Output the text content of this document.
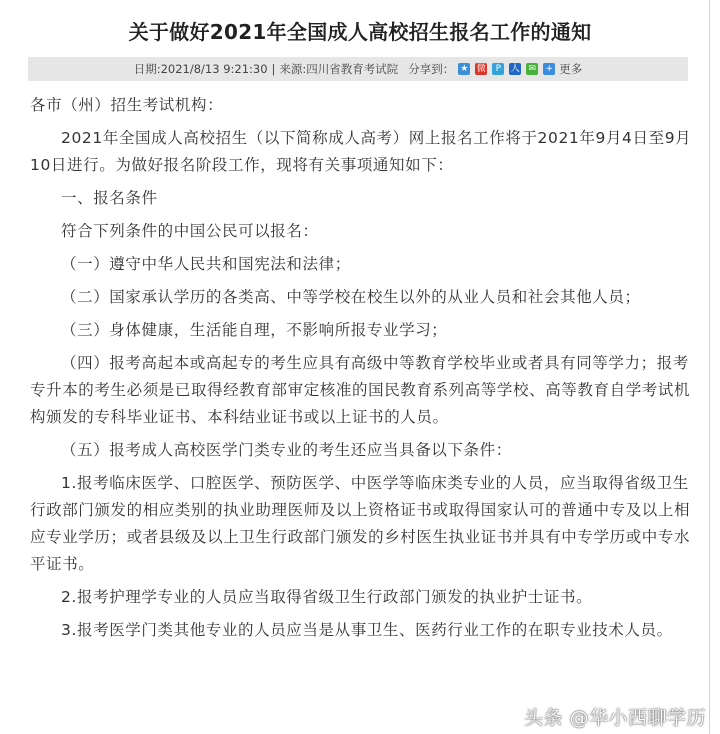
关于做好2021年全国成人高校招生报名工作的通知
日期:2021/8/13 9:21:30 | 来源:四川省教育考试院 分享到： ★ 微	P	人 ✉ + 更多

各市（州）招生考试机构：

2021年全国成人高校招生（以下简称成人高考）网上报名工作将于2021年9月4日至9月10日进行。为做好报名阶段工作，现将有关事项通知如下：

一、报名条件

符合下列条件的中国公民可以报名：

（一）遵守中华人民共和国宪法和法律；

（二）国家承认学历的各类高、中等学校在校生以外的从业人员和社会其他人员；

（三）身体健康，生活能自理，不影响所报专业学习；

（四）报考高起本或高起专的考生应具有高级中等教育学校毕业或者具有同等学力；报考专升本的考生必须是已取得经教育部审定核准的国民教育系列高等学校、高等教育自学考试机构颁发的专科毕业证书、本科结业证书或以上证书的人员。

（五）报考成人高校医学门类专业的考生还应当具备以下条件：

1.报考临床医学、口腔医学、预防医学、中医学等临床类专业的人员，应当取得省级卫生行政部门颁发的相应类别的执业助理医师及以上资格证书或取得国家认可的普通中专及以上相应专业学历；或者县级及以上卫生行政部门颁发的乡村医生执业证书并具有中专学历或中专水平证书。

2.报考护理学专业的人员应当取得省级卫生行政部门颁发的执业护士证书。

3.报考医学门类其他专业的人员应当是从事卫生、医药行业工作的在职专业技术人员。

头条 @华小西聊学历
